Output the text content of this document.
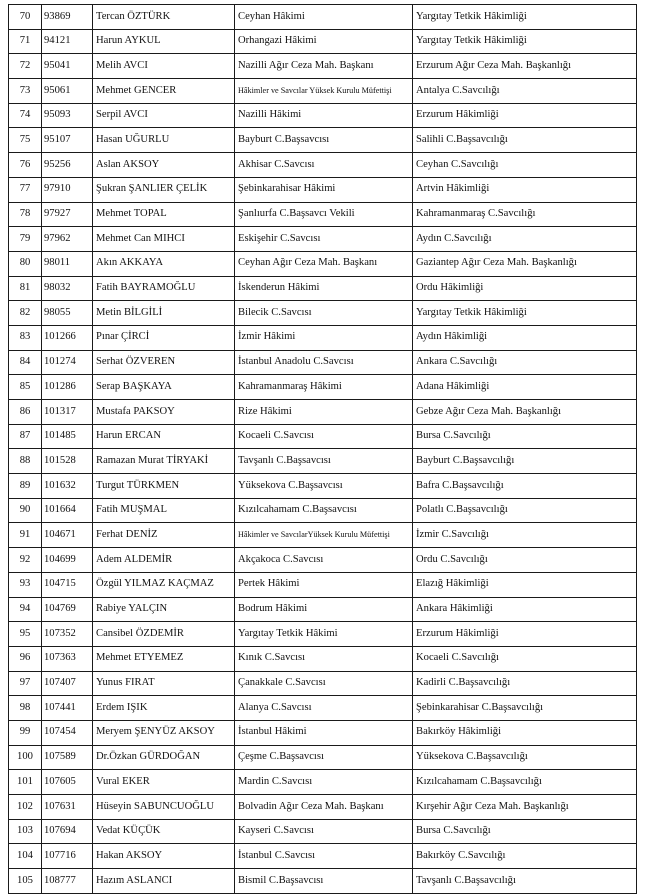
70	93869	Tercan ÖZTÜRK	Ceyhan Hâkimi	Yargıtay Tetkik Hâkimliği
71	94121	Harun AYKUL	Orhangazi Hâkimi	Yargıtay Tetkik Hâkimliği
72	95041	Melih AVCI	Nazilli Ağır Ceza Mah. Başkanı	Erzurum Ağır Ceza Mah. Başkanlığı
73	95061	Mehmet GENCER	Hâkimler ve Savcılar Yüksek Kurulu Müfettişi	Antalya C.Savcılığı
74	95093	Serpil AVCI	Nazilli Hâkimi	Erzurum Hâkimliği
75	95107	Hasan UĞURLU	Bayburt C.Başsavcısı	Salihli C.Başsavcılığı
76	95256	Aslan AKSOY	Akhisar C.Savcısı	Ceyhan C.Savcılığı
77	97910	Şukran ŞANLIER ÇELİK	Şebinkarahisar Hâkimi	Artvin Hâkimliği
78	97927	Mehmet TOPAL	Şanlıurfa C.Başsavcı Vekili	Kahramanmaraş C.Savcılığı
79	97962	Mehmet Can MIHCI	Eskişehir C.Savcısı	Aydın C.Savcılığı
80	98011	Akın AKKAYA	Ceyhan Ağır Ceza Mah. Başkanı	Gaziantep Ağır Ceza Mah. Başkanlığı
81	98032	Fatih BAYRAMOĞLU	İskenderun Hâkimi	Ordu Hâkimliği
82	98055	Metin BİLGİLİ	Bilecik C.Savcısı	Yargıtay Tetkik Hâkimliği
83	101266	Pınar ÇİRCİ	İzmir Hâkimi	Aydın Hâkimliği
84	101274	Serhat ÖZVEREN	İstanbul Anadolu C.Savcısı	Ankara C.Savcılığı
85	101286	Serap BAŞKAYA	Kahramanmaraş Hâkimi	Adana Hâkimliği
86	101317	Mustafa PAKSOY	Rize Hâkimi	Gebze Ağır Ceza Mah. Başkanlığı
87	101485	Harun ERCAN	Kocaeli C.Savcısı	Bursa C.Savcılığı
88	101528	Ramazan Murat TİRYAKİ	Tavşanlı C.Başsavcısı	Bayburt C.Başsavcılığı
89	101632	Turgut TÜRKMEN	Yüksekova C.Başsavcısı	Bafra C.Başsavcılığı
90	101664	Fatih MUŞMAL	Kızılcahamam C.Başsavcısı	Polatlı C.Başsavcılığı
91	104671	Ferhat DENİZ	Hâkimler ve SavcılarYüksek Kurulu Müfettişi	İzmir C.Savcılığı
92	104699	Adem ALDEMİR	Akçakoca C.Savcısı	Ordu C.Savcılığı
93	104715	Özgül YILMAZ KAÇMAZ	Pertek Hâkimi	Elazığ Hâkimliği
94	104769	Rabiye YALÇIN	Bodrum Hâkimi	Ankara Hâkimliği
95	107352	Cansibel ÖZDEMİR	Yargıtay Tetkik Hâkimi	Erzurum Hâkimliği
96	107363	Mehmet ETYEMEZ	Kınık C.Savcısı	Kocaeli C.Savcılığı
97	107407	Yunus FIRAT	Çanakkale C.Savcısı	Kadirli C.Başsavcılığı
98	107441	Erdem IŞIK	Alanya C.Savcısı	Şebinkarahisar C.Başsavcılığı
99	107454	Meryem ŞENYÜZ AKSOY	İstanbul Hâkimi	Bakırköy Hâkimliği
100	107589	Dr.Özkan GÜRDOĞAN	Çeşme C.Başsavcısı	Yüksekova C.Başsavcılığı
101	107605	Vural EKER	Mardin C.Savcısı	Kızılcahamam C.Başsavcılığı
102	107631	Hüseyin SABUNCUOĞLU	Bolvadin Ağır Ceza Mah. Başkanı	Kırşehir Ağır Ceza Mah. Başkanlığı
103	107694	Vedat KÜÇÜK	Kayseri C.Savcısı	Bursa C.Savcılığı
104	107716	Hakan AKSOY	İstanbul C.Savcısı	Bakırköy C.Savcılığı
105	108777	Hazım ASLANCI	Bismil C.Başsavcısı	Tavşanlı C.Başsavcılığı
